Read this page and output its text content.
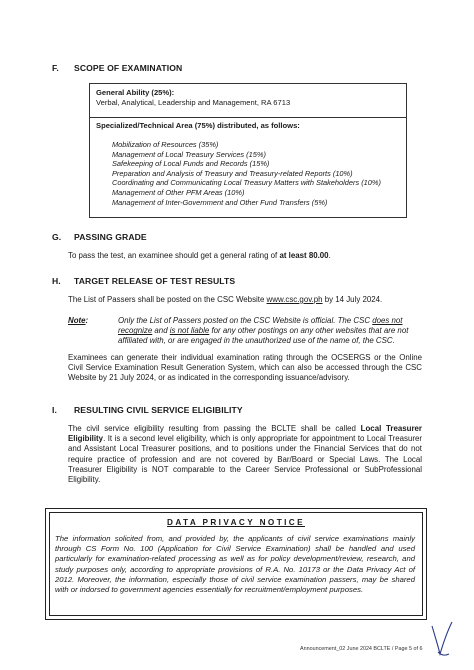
F. SCOPE OF EXAMINATION
General Ability (25%):
Verbal, Analytical, Leadership and Management, RA 6713
Specialized/Technical Area (75%) distributed, as follows:
Mobilization of Resources (35%)
Management of Local Treasury Services (15%)
Safekeeping of Local Funds and Records (15%)
Preparation and Analysis of Treasury and Treasury-related Reports (10%)
Coordinating and Communicating Local Treasury Matters with Stakeholders (10%)
Management of Other PFM Areas (10%)
Management of Inter-Government and Other Fund Transfers (5%)
G. PASSING GRADE
To pass the test, an examinee should get a general rating of at least 80.00.
H. TARGET RELEASE OF TEST RESULTS
The List of Passers shall be posted on the CSC Website www.csc.gov.ph by 14 July 2024.
Note:	Only the List of Passers posted on the CSC Website is official. The CSC does not
recognize and is not liable for any other postings on any other websites that are not
affiliated with, or are engaged in the unauthorized use of the name of, the CSC.
Examinees can generate their individual examination rating through the OCSERGS or the Online Civil Service Examination Result Generation System, which can also be accessed through the CSC Website by 21 July 2024, or as indicated in the corresponding issuance/advisory.
I. RESULTING CIVIL SERVICE ELIGIBILITY
The civil service eligibility resulting from passing the BCLTE shall be called Local Treasurer Eligibility. It is a second level eligibility, which is only appropriate for appointment to Local Treasurer and Assistant Local Treasurer positions, and to positions under the Financial Services that do not require practice of profession and are not covered by Bar/Board or Special Laws. The Local Treasurer Eligibility is NOT comparable to the Career Service Professional or SubProfessional Eligibility.
DATA PRIVACY NOTICE
The information solicited from, and provided by, the applicants of civil service examinations mainly through CS Form No. 100 (Application for Civil Service Examination) shall be handled and used particularly for examination-related processing as well as for policy development/review, research, and study purposes only, according to appropriate provisions of R.A. No. 10173 or the Data Privacy Act of 2012. Moreover, the information, especially those of civil service examination passers, may be shared with or indorsed to government agencies essentially for recruitment/employment purposes.
Announcement_02 June 2024 BCLTE / Page 5 of 6
